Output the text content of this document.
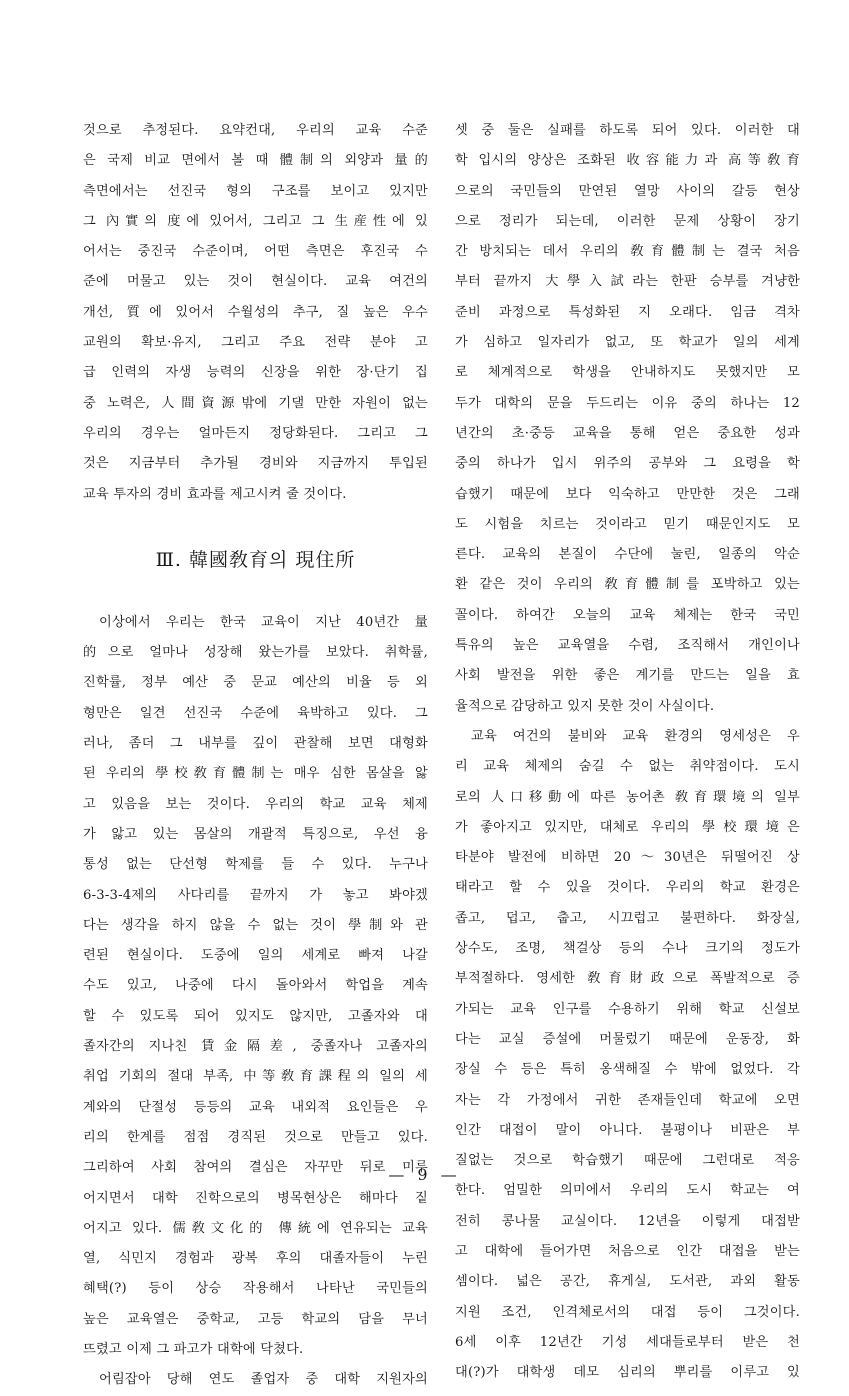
것으로 추정된다. 요약컨대, 우리의 교육 수준
은 국제 비교 면에서 볼 때 體制의 외양과 量的
측면에서는 선진국 형의 구조를 보이고 있지만
그 內實의 度에 있어서, 그리고 그 生産性에 있
어서는 중진국 수준이며, 어떤 측면은 후진국 수
준에 머물고 있는 것이 현실이다. 교육 여건의
개선, 質에 있어서 수월성의 추구, 질 높은 우수
교원의 확보·유지, 그리고 주요 전략 분야 고
급 인력의 자생 능력의 신장을 위한 장·단기 집
중 노력은, 人間資源밖에 기댈 만한 자원이 없는
우리의 경우는 얼마든지 정당화된다. 그리고 그
것은 지금부터 추가될 경비와 지금까지 투입된
교육 투자의 경비 효과를 제고시켜 줄 것이다.
Ⅲ. 韓國敎育의 現住所
이상에서 우리는 한국 교육이 지난 40년간 量
的으로 얼마나 성장해 왔는가를 보았다. 취학률,
진학률, 정부 예산 중 문교 예산의 비율 등 외
형만은 일견 선진국 수준에 육박하고 있다. 그
러나, 좀더 그 내부를 깊이 관찰해 보면 대형화
된 우리의 學校敎育體制는 매우 심한 몸살을 앓
고 있음을 보는 것이다. 우리의 학교 교육 체제
가 앓고 있는 몸살의 개괄적 특징으로, 우선 융
통성 없는 단선형 학제를 들 수 있다. 누구나
6-3-3-4제의 사다리를 끝까지 가 놓고 봐야겠
다는 생각을 하지 않을 수 없는 것이 學制와 관
련된 현실이다. 도중에 일의 세계로 빠져 나갈
수도 있고, 나중에 다시 돌아와서 학업을 계속
할 수 있도록 되어 있지도 않지만, 고졸자와 대
졸자간의 지나친 賃金隔差, 중졸자나 고졸자의
취업 기회의 절대 부족, 中等敎育課程의 일의 세
계와의 단절성 등등의 교육 내외적 요인들은 우
리의 한계를 점점 경직된 것으로 만들고 있다.
그리하여 사회 참여의 결심은 자꾸만 뒤로 미루
어지면서 대학 진학으로의 병목현상은 해마다 짙
어지고 있다. 儒敎文化的 傳統에 연유되는 교육
열, 식민지 경험과 광복 후의 대졸자들이 누린
혜택(?) 등이 상승 작용해서 나타난 국민들의
높은 교육열은 중학교, 고등 학교의 담을 무너
뜨렸고 이제 그 파고가 대학에 닥쳤다.
어림잡아 당해 연도 졸업자 중 대학 지원자의
셋 중 둘은 실패를 하도록 되어 있다. 이러한 대
학 입시의 양상은 조화된 收容能力과 高等敎育
으로의 국민들의 만연된 열망 사이의 갈등 현상
으로 정리가 되는데, 이러한 문제 상황이 장기
간 방치되는 데서 우리의 敎育體制는 결국 처음
부터 끝까지 大學入試라는 한판 승부를 겨냥한
준비 과정으로 특성화된 지 오래다. 임금 격차
가 심하고 일자리가 없고, 또 학교가 일의 세계
로 체계적으로 학생을 안내하지도 못했지만 모
두가 대학의 문을 두드리는 이유 중의 하나는 12
년간의 초·중등 교육을 통해 얻은 중요한 성과
중의 하나가 입시 위주의 공부와 그 요령을 학
습했기 때문에 보다 익숙하고 만만한 것은 그래
도 시험을 치르는 것이라고 믿기 때문인지도 모
른다. 교육의 본질이 수단에 눌린, 일종의 악순
환 같은 것이 우리의 敎育體制를 포박하고 있는
꼴이다. 하여간 오늘의 교육 체제는 한국 국민
특유의 높은 교육열을 수렴, 조직해서 개인이나
사회 발전을 위한 좋은 계기를 만드는 일을 효
율적으로 감당하고 있지 못한 것이 사실이다.
교육 여건의 불비와 교육 환경의 영세성은 우
리 교육 체제의 숨길 수 없는 취약점이다. 도시
로의 人口移動에 따른 농어촌 敎育環境의 일부
가 좋아지고 있지만, 대체로 우리의 學校環境은
타분야 발전에 비하면 20～30년은 뒤떨어진 상
태라고 할 수 있을 것이다. 우리의 학교 환경은
좁고, 덥고, 춥고, 시끄럽고 불편하다. 화장실,
상수도, 조명, 책걸상 등의 수나 크기의 정도가
부적절하다. 영세한 敎育財政으로 폭발적으로 증
가되는 교육 인구를 수용하기 위해 학교 신설보
다는 교실 증설에 머물렀기 때문에 운동장, 화
장실 수 등은 특히 옹색해질 수 밖에 없었다. 각
자는 각 가정에서 귀한 존재들인데 학교에 오면
인간 대접이 말이 아니다. 불평이나 비판은 부
질없는 것으로 학습했기 때문에 그런대로 적응
한다. 엄밀한 의미에서 우리의 도시 학교는 여
전히 콩나물 교실이다. 12년을 이렇게 대접받
고 대학에 들어가면 처음으로 인간 대접을 받는
셈이다. 넓은 공간, 휴게실, 도서관, 과외 활동
지원 조건, 인격체로서의 대접 등이 그것이다.
6세 이후 12년간 기성 세대들로부터 받은 천
대(?)가 대학생 데모 심리의 뿌리를 이루고 있
— 9 —
